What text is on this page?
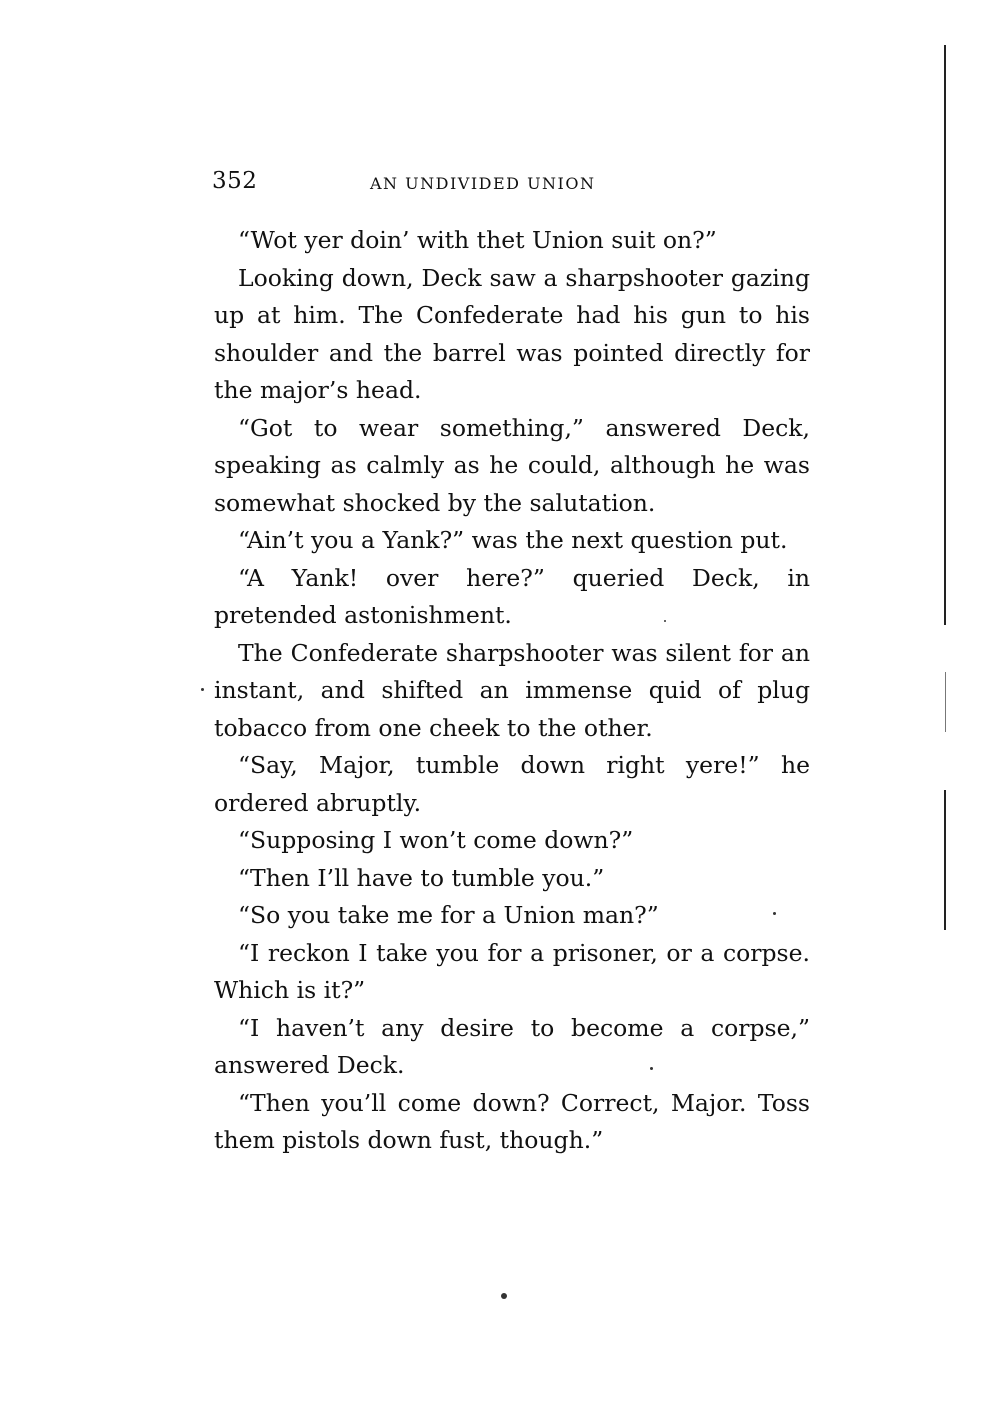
352	AN UNDIVIDED UNION

“Wot yer doin’ with thet Union suit on?”

Looking down, Deck saw a sharpshooter gazing up at him. The Confederate had his gun to his shoulder and the barrel was pointed directly for the major’s head.

“Got to wear something,” answered Deck, speaking as calmly as he could, although he was somewhat shocked by the salutation.

“Ain’t you a Yank?” was the next question put.

“A Yank! over here?” queried Deck, in pretended astonishment.

The Confederate sharpshooter was silent for an instant, and shifted an immense quid of plug tobacco from one cheek to the other.

“Say, Major, tumble down right yere!” he ordered abruptly.

“Supposing I won’t come down?”

“Then I’ll have to tumble you.”

“So you take me for a Union man?”

“I reckon I take you for a prisoner, or a corpse. Which is it?”

“I haven’t any desire to become a corpse,” answered Deck.

“Then you’ll come down? Correct, Major. Toss them pistols down fust, though.”
